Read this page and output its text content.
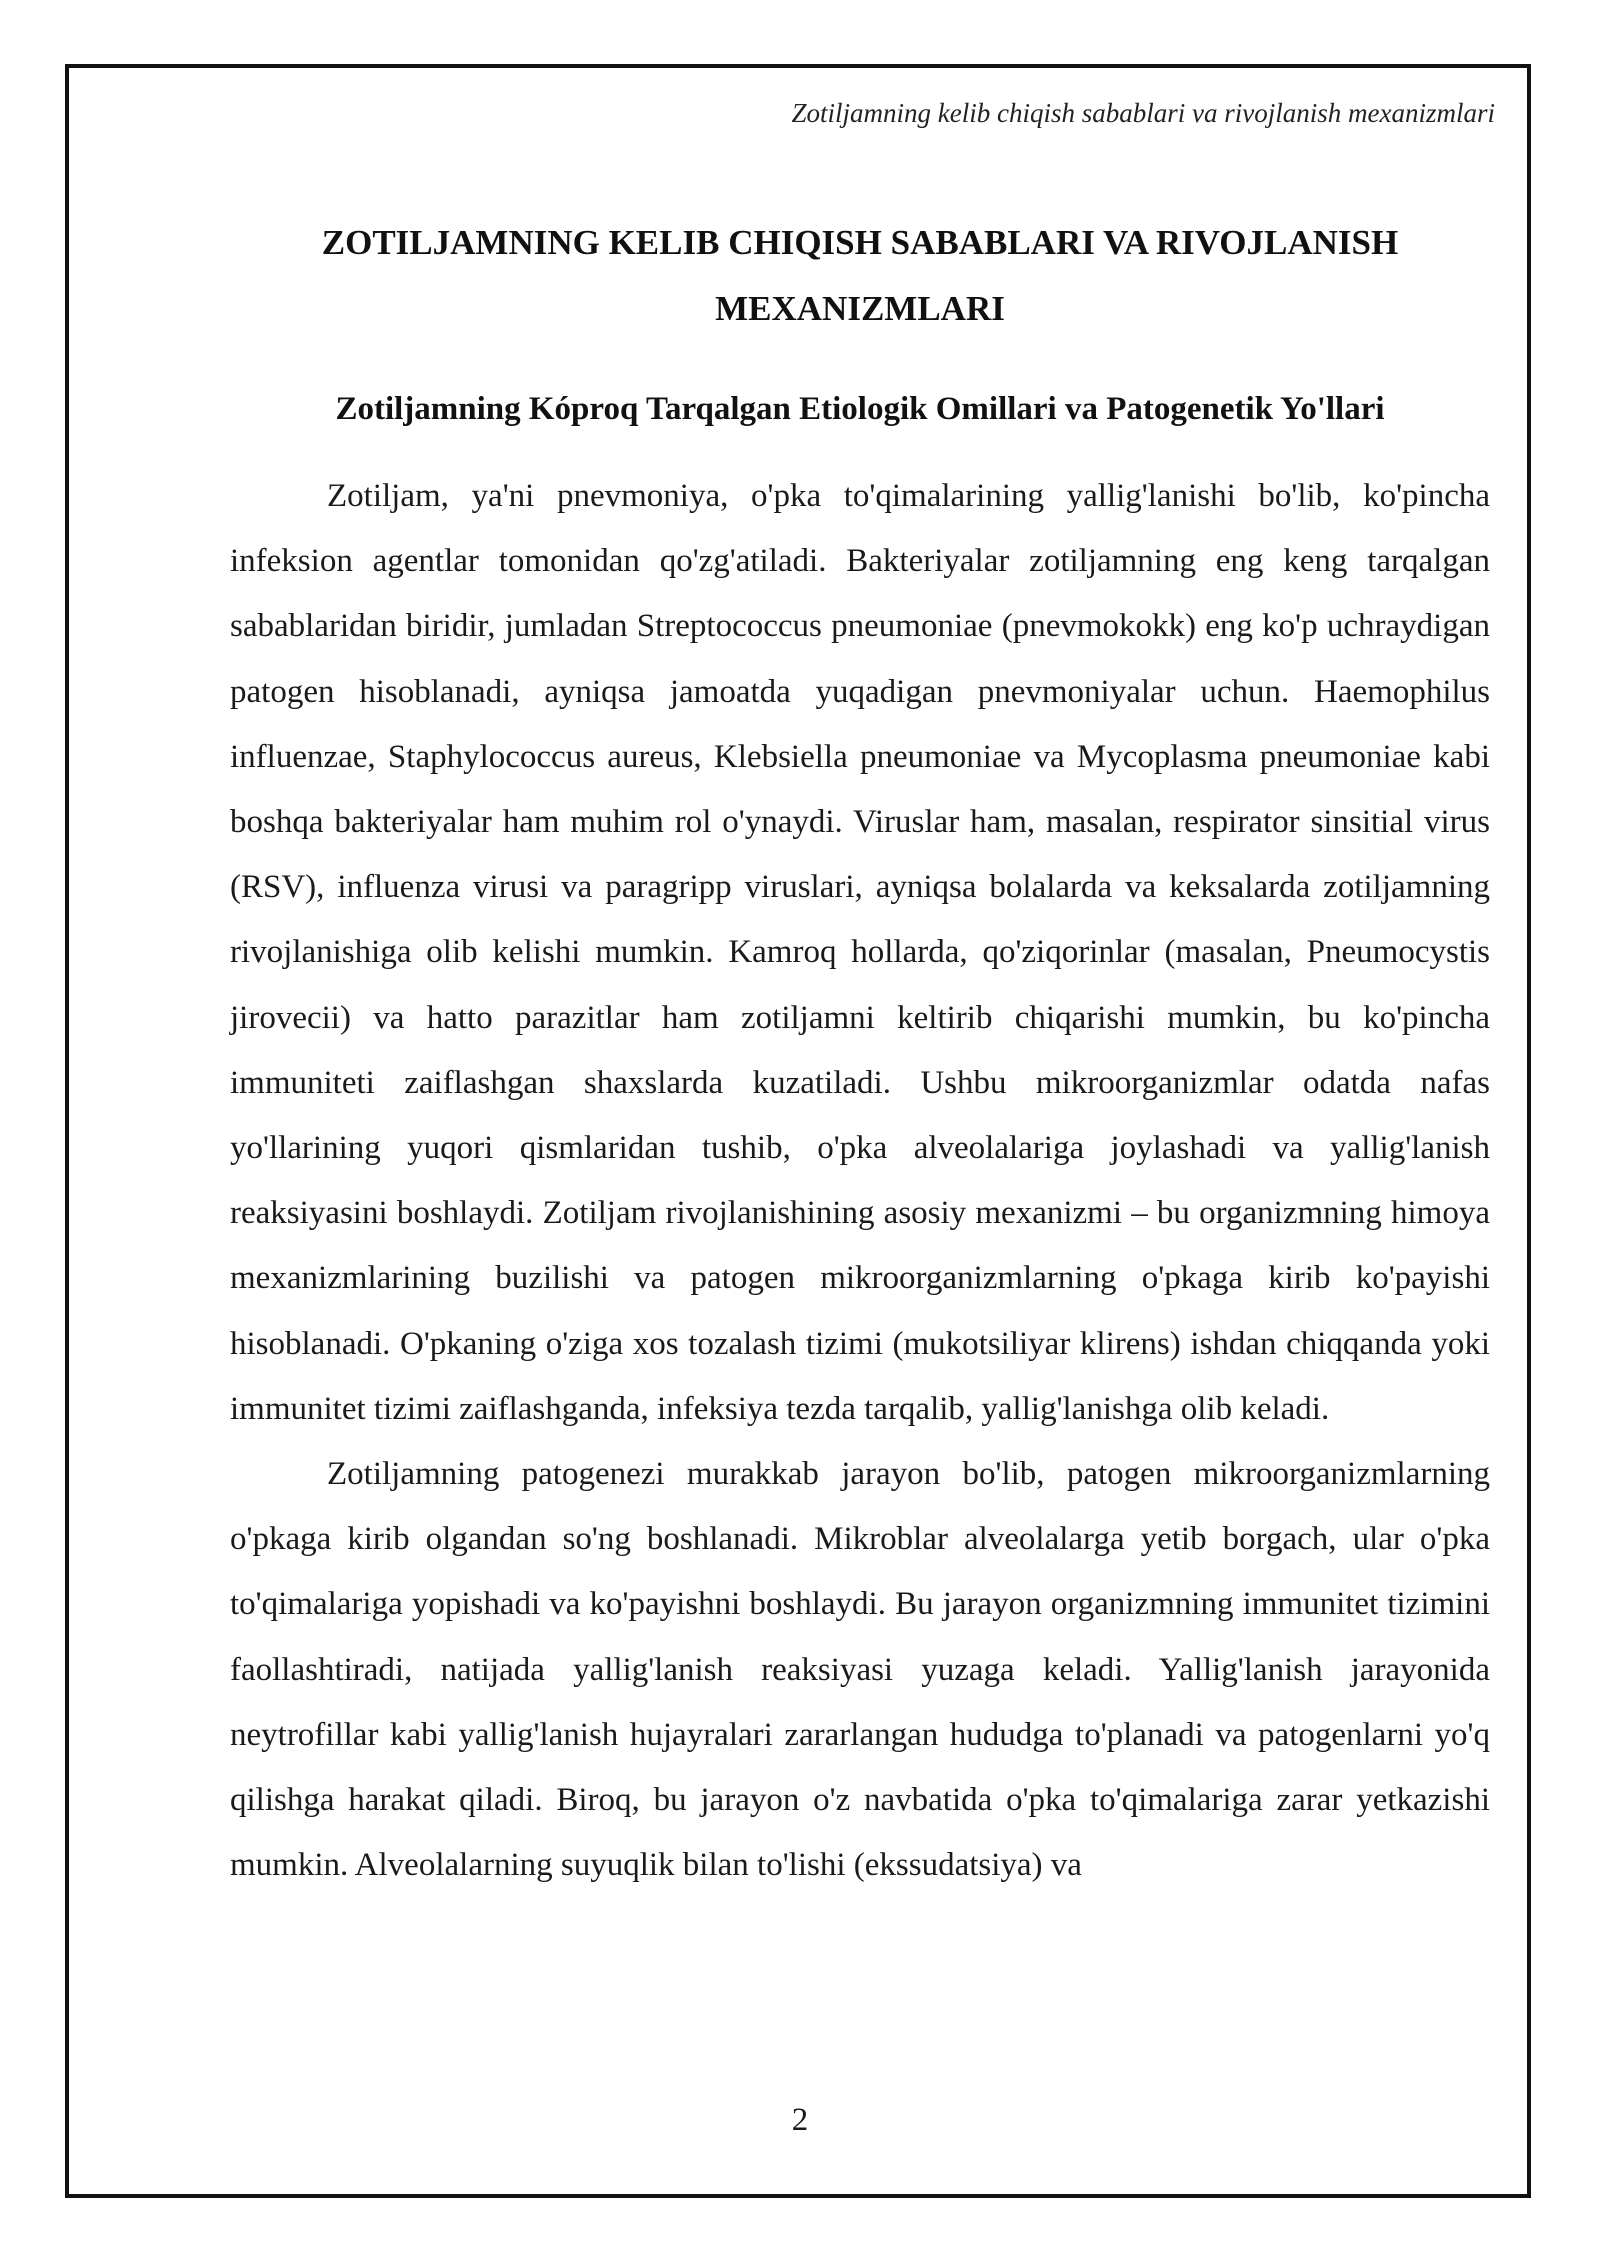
Zotiljamning kelib chiqish sabablari va rivojlanish mexanizmlari
ZOTILJAMNING KELIB CHIQISH SABABLARI VA RIVOJLANISH MEXANIZMLARI
Zotiljamning Kóproq Tarqalgan Etiologik Omillari va Patogenetik Yo'llari

Zotiljam, ya'ni pnevmoniya, o'pka to'qimalarining yallig'lanishi bo'lib, ko'pincha infeksion agentlar tomonidan qo'zg'atiladi. Bakteriyalar zotiljamning eng keng tarqalgan sabablaridan biridir, jumladan Streptococcus pneumoniae (pnevmokokk) eng ko'p uchraydigan patogen hisoblanadi, ayniqsa jamoatda yuqadigan pnevmoniyalar uchun. Haemophilus influenzae, Staphylococcus aureus, Klebsiella pneumoniae va Mycoplasma pneumoniae kabi boshqa bakteriyalar ham muhim rol o'ynaydi. Viruslar ham, masalan, respirator sinsitial virus (RSV), influenza virusi va paragripp viruslari, ayniqsa bolalarda va keksalarda zotiljamning rivojlanishiga olib kelishi mumkin. Kamroq hollarda, qo'ziqorinlar (masalan, Pneumocystis jirovecii) va hatto parazitlar ham zotiljamni keltirib chiqarishi mumkin, bu ko'pincha immuniteti zaiflashgan shaxslarda kuzatiladi. Ushbu mikroorganizmlar odatda nafas yo'llarining yuqori qismlaridan tushib, o'pka alveolalariga joylashadi va yallig'lanish reaksiyasini boshlaydi. Zotiljam rivojlanishining asosiy mexanizmi – bu organizmning himoya mexanizmlarining buzilishi va patogen mikroorganizmlarning o'pkaga kirib ko'payishi hisoblanadi. O'pkaning o'ziga xos tozalash tizimi (mukotsiliyar klirens) ishdan chiqqanda yoki immunitet tizimi zaiflashganda, infeksiya tezda tarqalib, yallig'lanishga olib keladi.

Zotiljamning patogenezi murakkab jarayon bo'lib, patogen mikroorganizmlarning o'pkaga kirib olgandan so'ng boshlanadi. Mikroblar alveolalarga yetib borgach, ular o'pka to'qimalariga yopishadi va ko'payishni boshlaydi. Bu jarayon organizmning immunitet tizimini faollashtiradi, natijada yallig'lanish reaksiyasi yuzaga keladi. Yallig'lanish jarayonida neytrofillar kabi yallig'lanish hujayralari zararlangan hududga to'planadi va patogenlarni yo'q qilishga harakat qiladi. Biroq, bu jarayon o'z navbatida o'pka to'qimalariga zarar yetkazishi mumkin. Alveolalarning suyuqlik bilan to'lishi (ekssudatsiya) va

2
